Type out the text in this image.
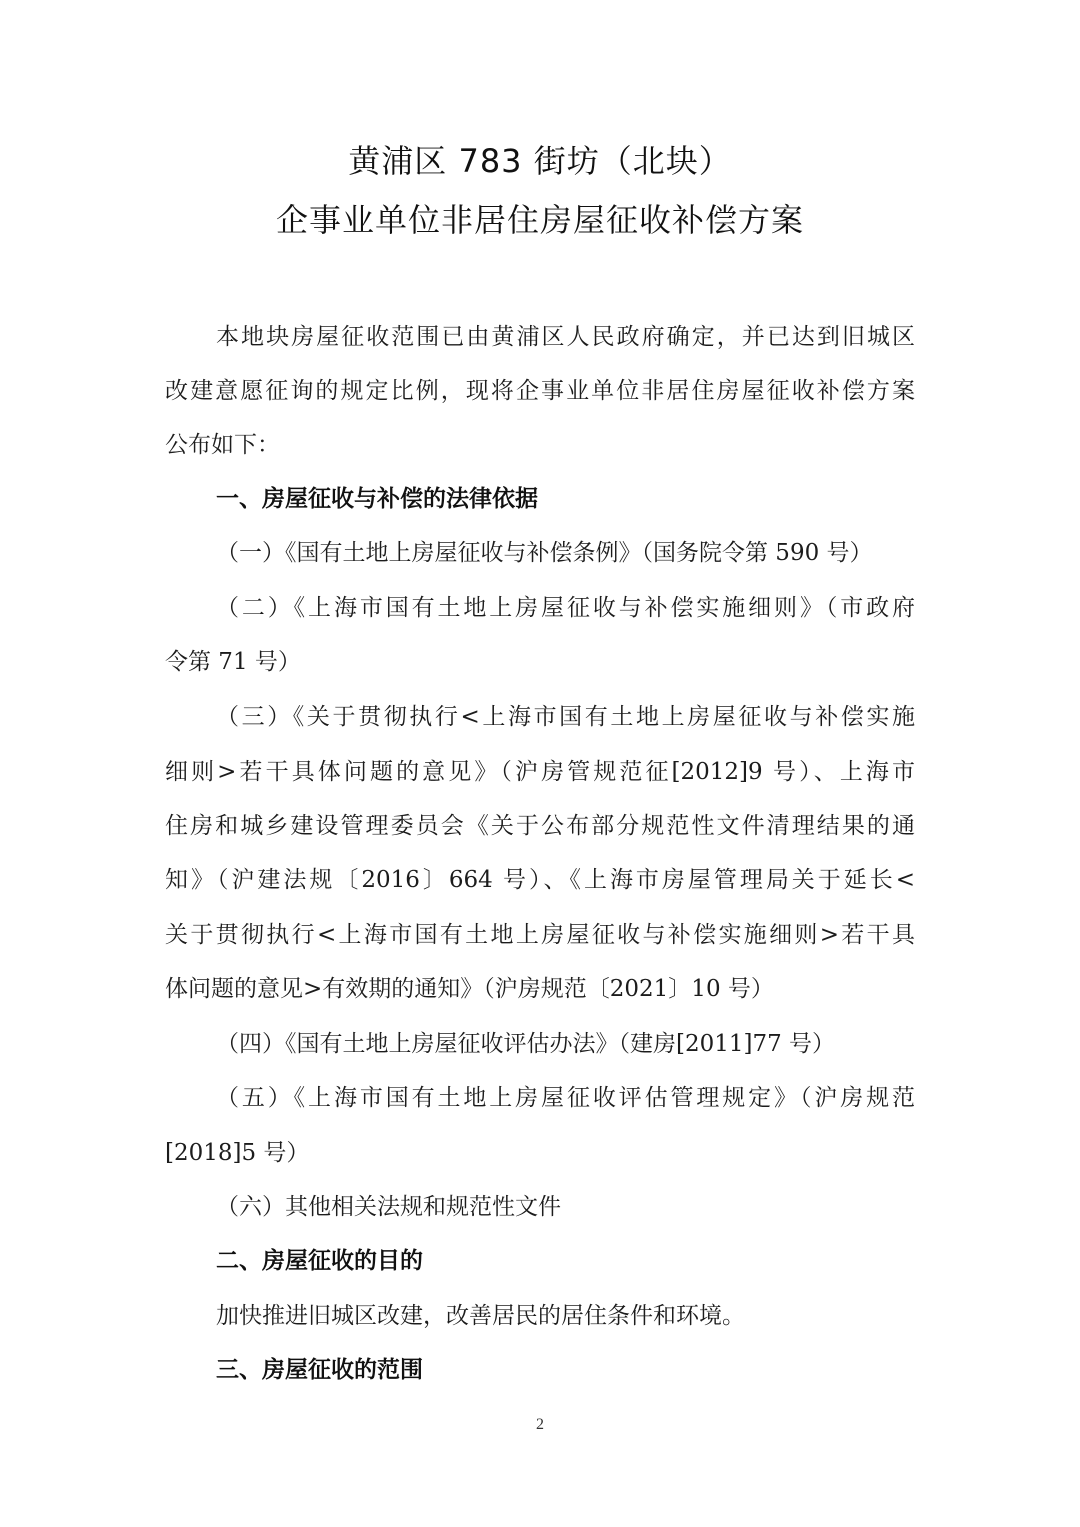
黄浦区 783 街坊（北块）
企事业单位非居住房屋征收补偿方案
本地块房屋征收范围已由黄浦区人民政府确定，并已达到旧城区
改建意愿征询的规定比例，现将企事业单位非居住房屋征收补偿方案
公布如下：
一、房屋征收与补偿的法律依据
（一）《国有土地上房屋征收与补偿条例》（国务院令第 590 号）
（二）《上海市国有土地上房屋征收与补偿实施细则》（市政府
令第 71 号）
（三）《关于贯彻执行<上海市国有土地上房屋征收与补偿实施
细则>若干具体问题的意见》（沪房管规范征[2012]9 号）、上海市
住房和城乡建设管理委员会《关于公布部分规范性文件清理结果的通
知》（沪建法规〔2016〕664 号）、《上海市房屋管理局关于延长<
关于贯彻执行<上海市国有土地上房屋征收与补偿实施细则>若干具
体问题的意见>有效期的通知》（沪房规范〔2021〕10 号）
（四）《国有土地上房屋征收评估办法》（建房[2011]77 号）
（五）《上海市国有土地上房屋征收评估管理规定》（沪房规范
[2018]5 号）
（六）其他相关法规和规范性文件
二、房屋征收的目的
加快推进旧城区改建，改善居民的居住条件和环境。
三、房屋征收的范围
2
